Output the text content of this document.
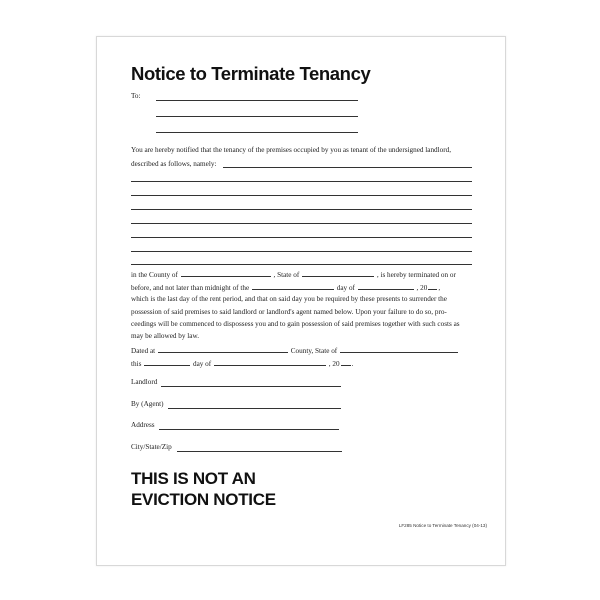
Notice to Terminate Tenancy
To:
You are hereby notified that the tenancy of the premises occupied by you as tenant of the undersigned landlord,
described as follows, namely:
in the County of	, State of	, is hereby terminated on or
before, and not later than midnight of the	day of	, 20 ,
which is the last day of the rent period, and that on said day you be required by these presents to surrender the
possession of said premises to said landlord or landlord's agent named below. Upon your failure to do so, pro-
ceedings will be commenced to dispossess you and to gain possession of said premises together with such costs as
may be allowed by law.
Dated at	County, State of
this	day of	, 20 .
Landlord
By (Agent)
Address
City/State/Zip
THIS IS NOT AN
EVICTION NOTICE
LF285 Notice to Terminate Tenancy (04-13)
